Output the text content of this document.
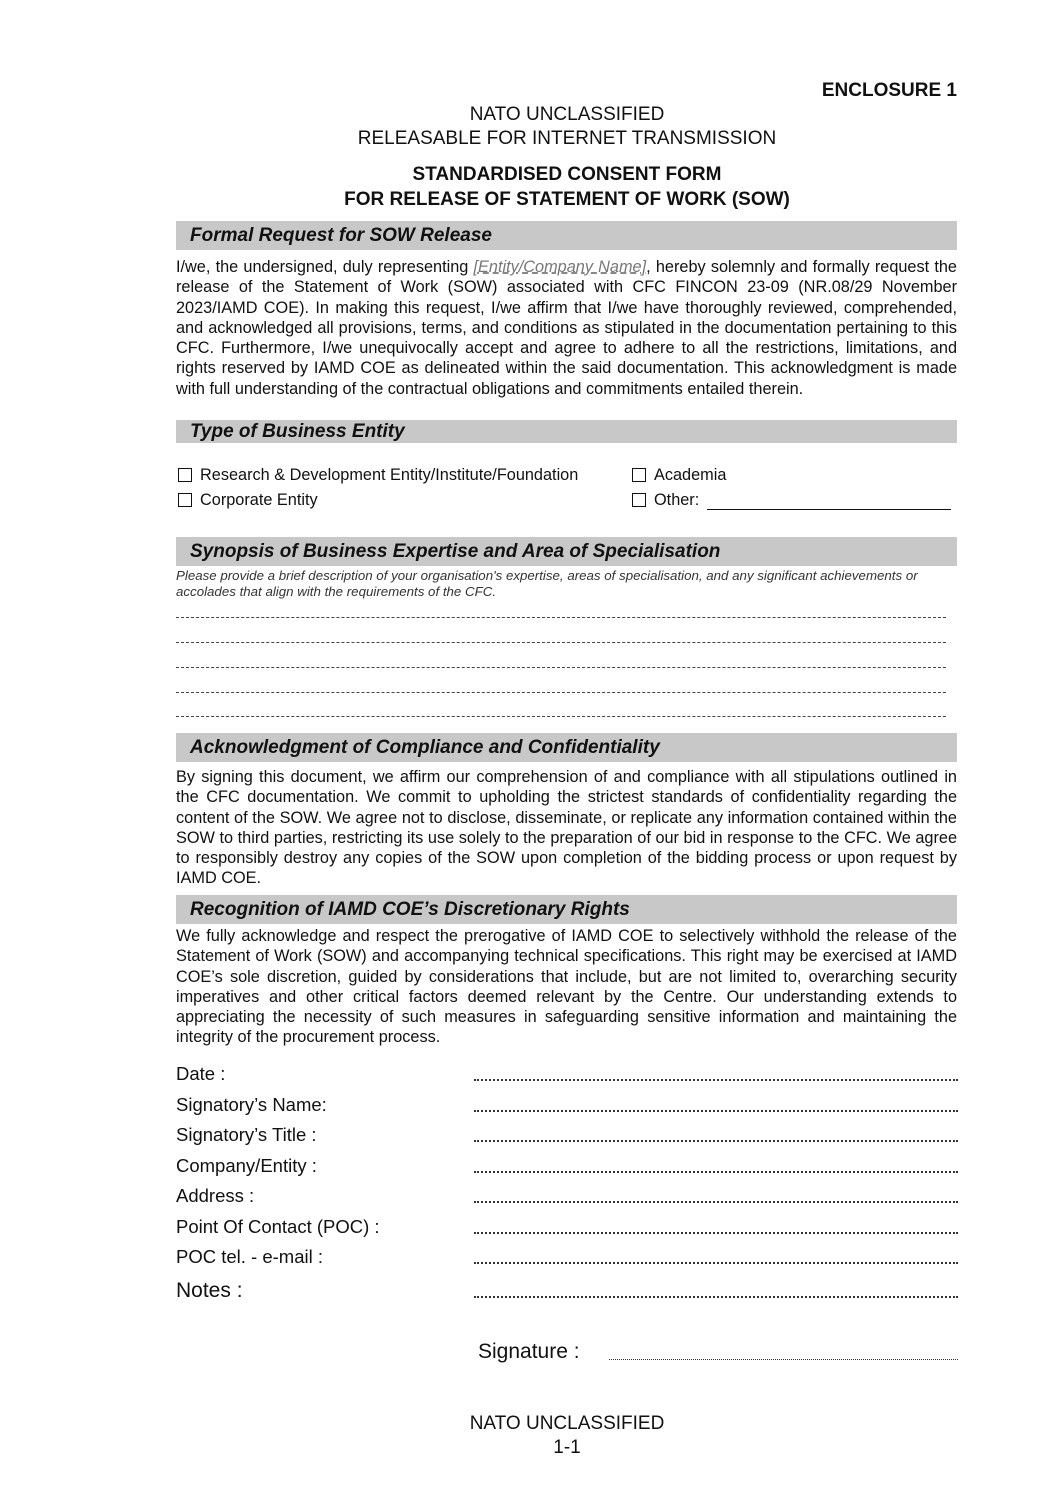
ENCLOSURE 1
NATO UNCLASSIFIED
RELEASABLE FOR INTERNET TRANSMISSION
STANDARDISED CONSENT FORM
FOR RELEASE OF STATEMENT OF WORK (SOW)
Formal Request for SOW Release
I/we, the undersigned, duly representing [Entity/Company Name], hereby solemnly and formally request the release of the Statement of Work (SOW) associated with CFC FINCON 23-09 (NR.08/29 November 2023/IAMD COE). In making this request, I/we affirm that I/we have thoroughly reviewed, comprehended, and acknowledged all provisions, terms, and conditions as stipulated in the documentation pertaining to this CFC. Furthermore, I/we unequivocally accept and agree to adhere to all the restrictions, limitations, and rights reserved by IAMD COE as delineated within the said documentation. This acknowledgment is made with full understanding of the contractual obligations and commitments entailed therein.
Type of Business Entity
Research & Development Entity/Institute/Foundation	Academia
Corporate Entity	Other:
Synopsis of Business Expertise and Area of Specialisation
Please provide a brief description of your organisation's expertise, areas of specialisation, and any significant achievements or accolades that align with the requirements of the CFC.
Acknowledgment of Compliance and Confidentiality
By signing this document, we affirm our comprehension of and compliance with all stipulations outlined in the CFC documentation. We commit to upholding the strictest standards of confidentiality regarding the content of the SOW. We agree not to disclose, disseminate, or replicate any information contained within the SOW to third parties, restricting its use solely to the preparation of our bid in response to the CFC. We agree to responsibly destroy any copies of the SOW upon completion of the bidding process or upon request by IAMD COE.
Recognition of IAMD COE’s Discretionary Rights
We fully acknowledge and respect the prerogative of IAMD COE to selectively withhold the release of the Statement of Work (SOW) and accompanying technical specifications. This right may be exercised at IAMD COE’s sole discretion, guided by considerations that include, but are not limited to, overarching security imperatives and other critical factors deemed relevant by the Centre. Our understanding extends to appreciating the necessity of such measures in safeguarding sensitive information and maintaining the integrity of the procurement process.
Date :
Signatory’s Name:
Signatory’s Title :
Company/Entity :
Address :
Point Of Contact (POC) :
POC tel. - e-mail :
Notes :
Signature :
NATO UNCLASSIFIED
1-1
